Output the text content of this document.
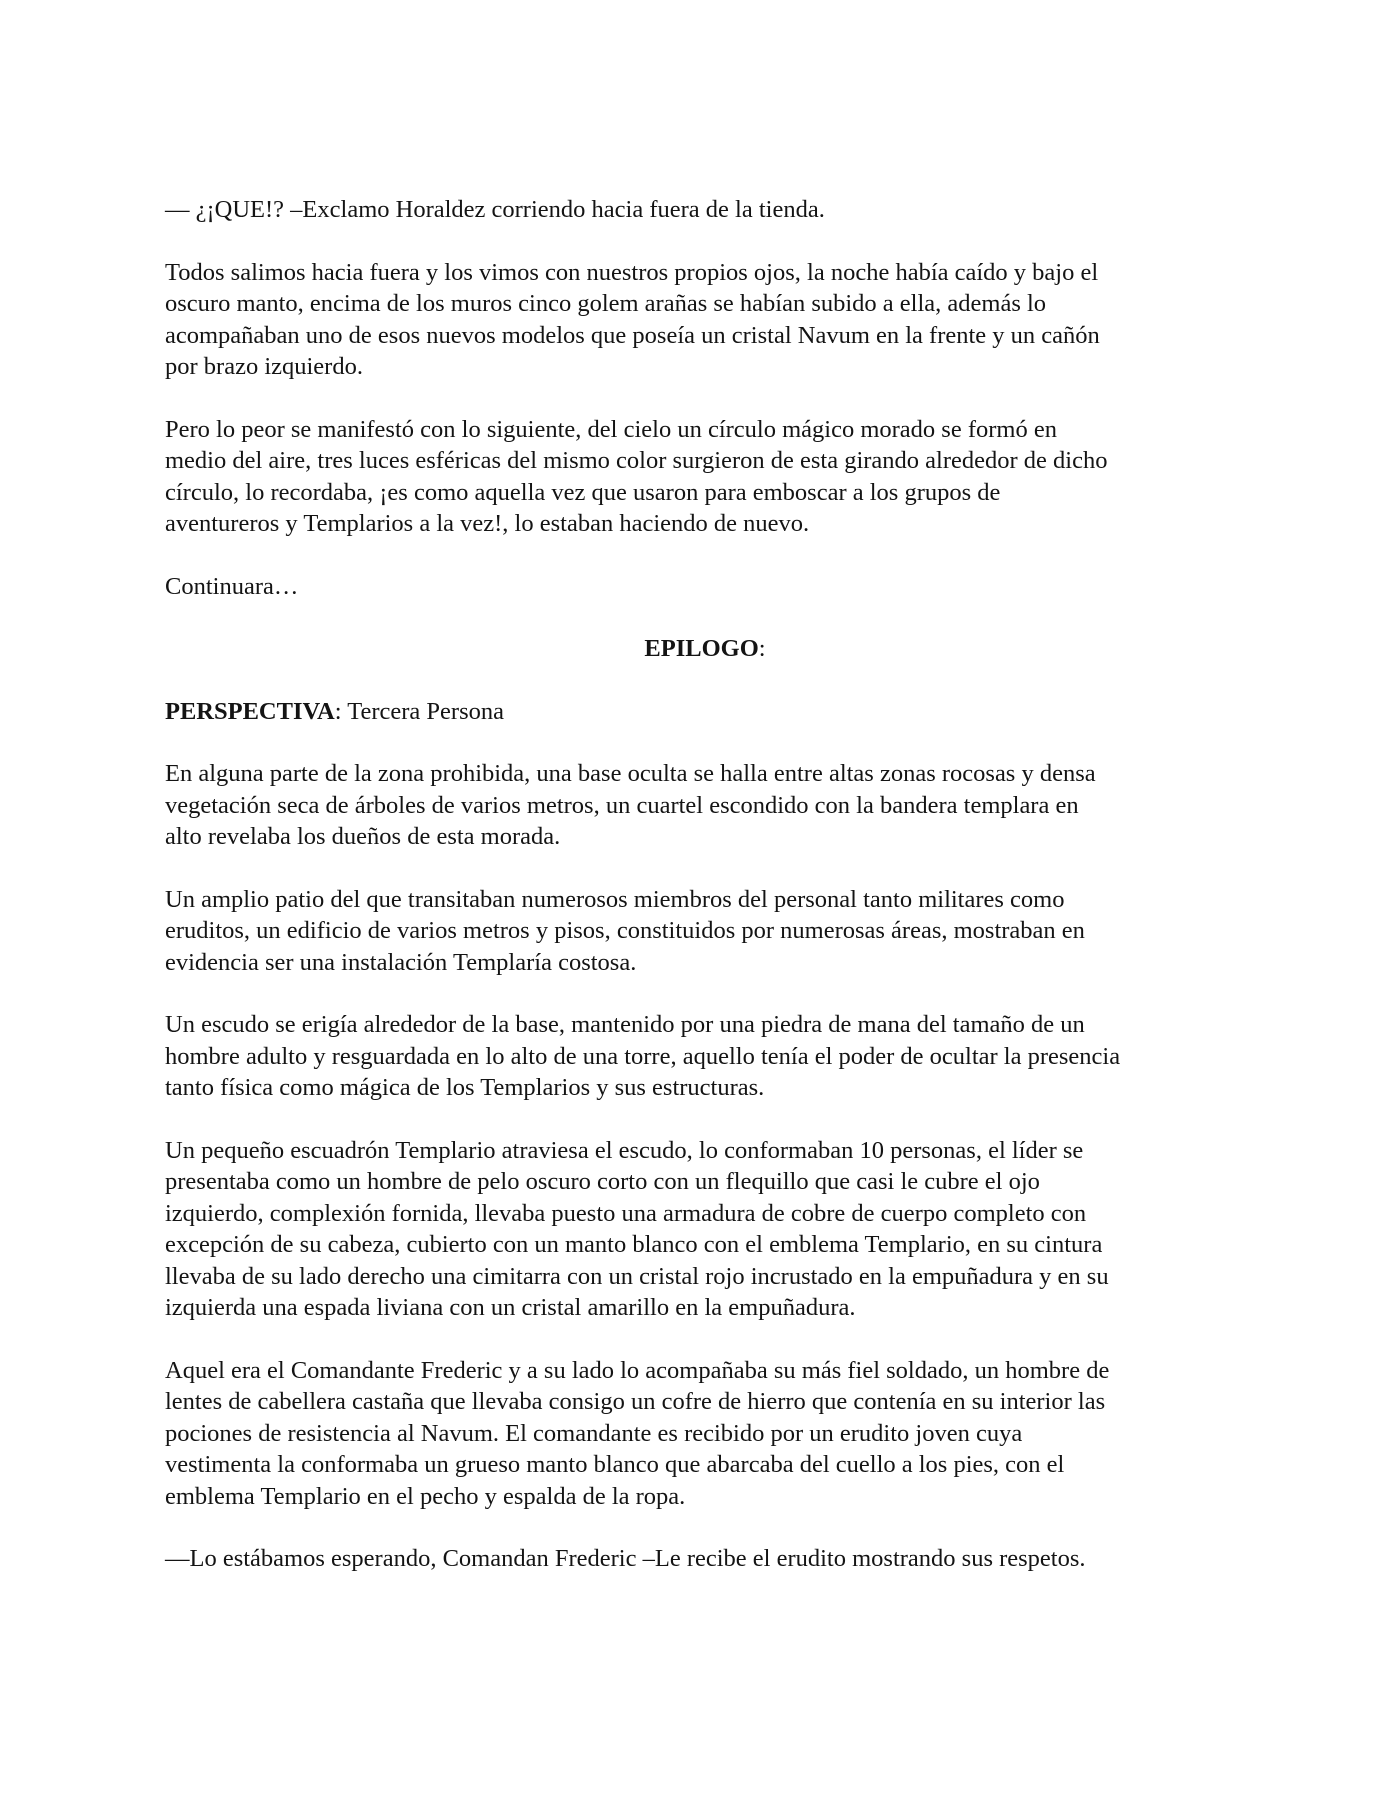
— ¿¡QUE!? –Exclamo Horaldez corriendo hacia fuera de la tienda.
Todos salimos hacia fuera y los vimos con nuestros propios ojos, la noche había caído y bajo el
oscuro manto, encima de los muros cinco golem arañas se habían subido a ella, además lo
acompañaban uno de esos nuevos modelos que poseía un cristal Navum en la frente y un cañón
por brazo izquierdo.
Pero lo peor se manifestó con lo siguiente, del cielo un círculo mágico morado se formó en
medio del aire, tres luces esféricas del mismo color surgieron de esta girando alrededor de dicho
círculo, lo recordaba, ¡es como aquella vez que usaron para emboscar a los grupos de
aventureros y Templarios a la vez!, lo estaban haciendo de nuevo.
Continuara…
EPILOGO:
PERSPECTIVA: Tercera Persona
En alguna parte de la zona prohibida, una base oculta se halla entre altas zonas rocosas y densa
vegetación seca de árboles de varios metros, un cuartel escondido con la bandera templara en
alto revelaba los dueños de esta morada.
Un amplio patio del que transitaban numerosos miembros del personal tanto militares como
eruditos, un edificio de varios metros y pisos, constituidos por numerosas áreas, mostraban en
evidencia ser una instalación Templaría costosa.
Un escudo se erigía alrededor de la base, mantenido por una piedra de mana del tamaño de un
hombre adulto y resguardada en lo alto de una torre, aquello tenía el poder de ocultar la presencia
tanto física como mágica de los Templarios y sus estructuras.
Un pequeño escuadrón Templario atraviesa el escudo, lo conformaban 10 personas, el líder se
presentaba como un hombre de pelo oscuro corto con un flequillo que casi le cubre el ojo
izquierdo, complexión fornida, llevaba puesto una armadura de cobre de cuerpo completo con
excepción de su cabeza, cubierto con un manto blanco con el emblema Templario, en su cintura
llevaba de su lado derecho una cimitarra con un cristal rojo incrustado en la empuñadura y en su
izquierda una espada liviana con un cristal amarillo en la empuñadura.
Aquel era el Comandante Frederic y a su lado lo acompañaba su más fiel soldado, un hombre de
lentes de cabellera castaña que llevaba consigo un cofre de hierro que contenía en su interior las
pociones de resistencia al Navum. El comandante es recibido por un erudito joven cuya
vestimenta la conformaba un grueso manto blanco que abarcaba del cuello a los pies, con el
emblema Templario en el pecho y espalda de la ropa.
—Lo estábamos esperando, Comandan Frederic –Le recibe el erudito mostrando sus respetos.
